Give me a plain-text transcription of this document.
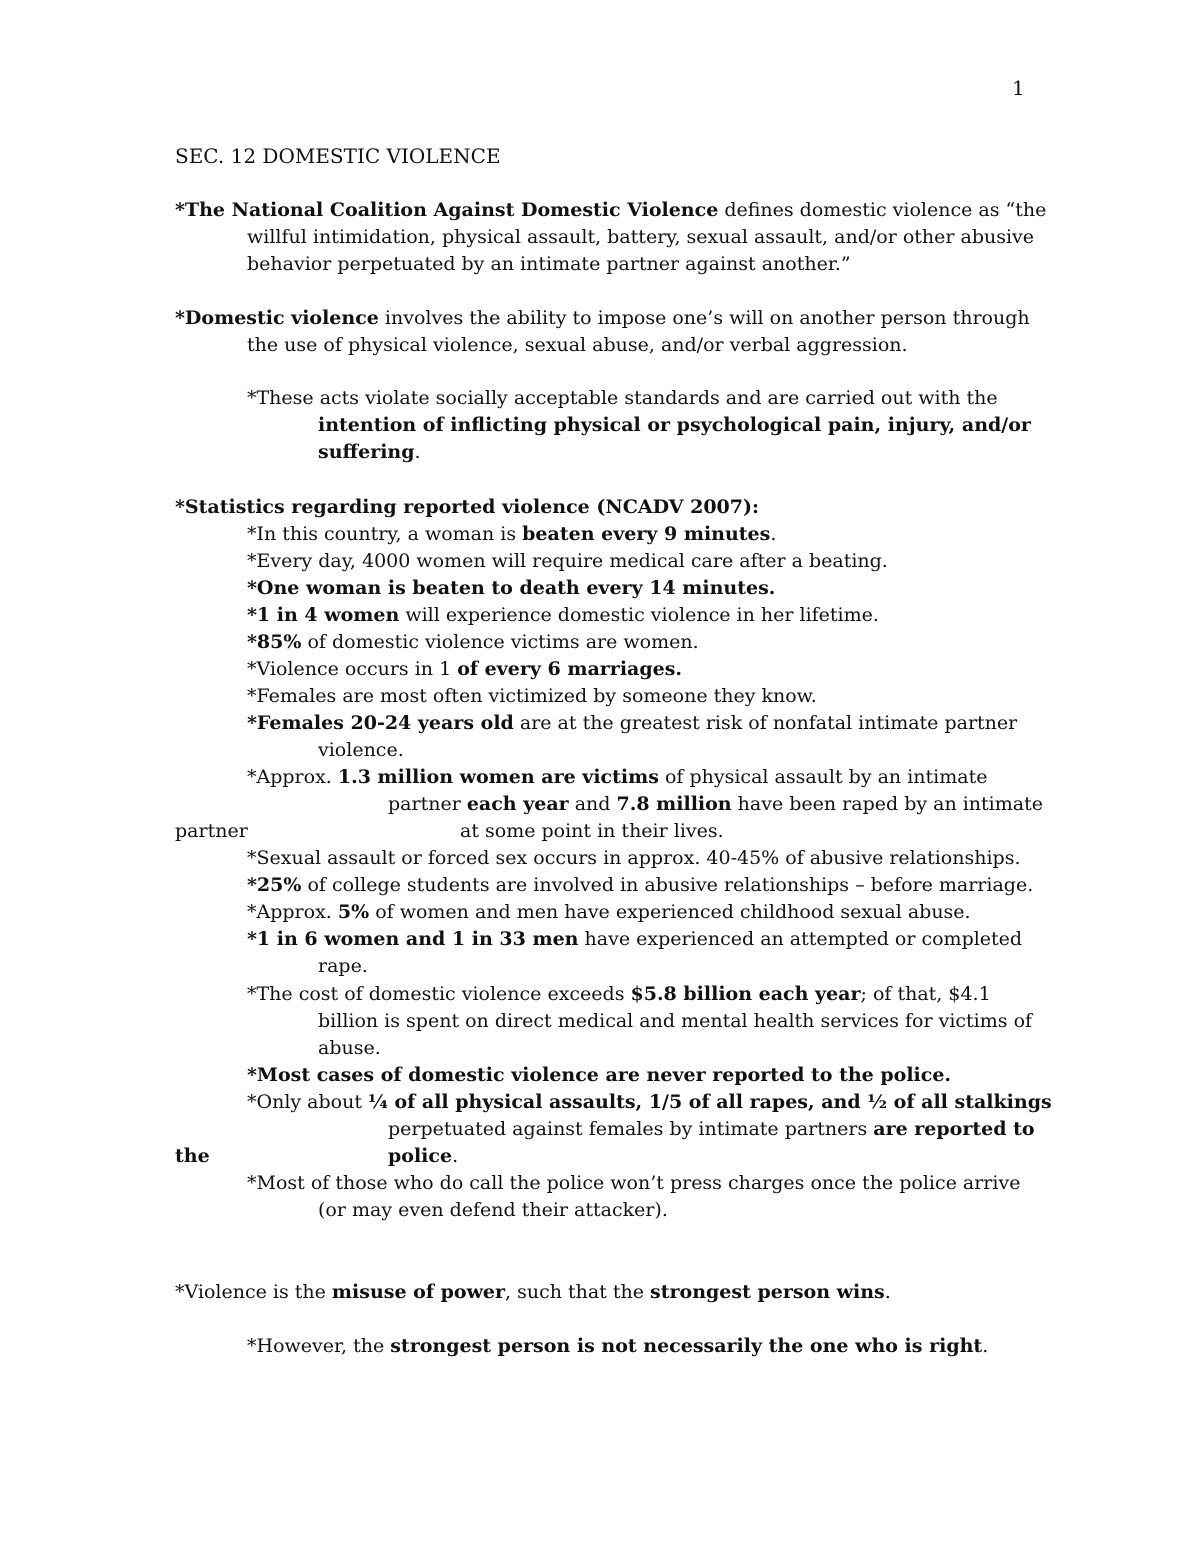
1
SEC. 12 DOMESTIC VIOLENCE
*The National Coalition Against Domestic Violence defines domestic violence as “the
willful intimidation, physical assault, battery, sexual assault, and/or other abusive
behavior perpetuated by an intimate partner against another.”
*Domestic violence involves the ability to impose one’s will on another person through
the use of physical violence, sexual abuse, and/or verbal aggression.
*These acts violate socially acceptable standards and are carried out with the
intention of inflicting physical or psychological pain, injury, and/or
suffering.
*Statistics regarding reported violence (NCADV 2007):
*In this country, a woman is beaten every 9 minutes.
*Every day, 4000 women will require medical care after a beating.
*One woman is beaten to death every 14 minutes.
*1 in 4 women will experience domestic violence in her lifetime.
*85% of domestic violence victims are women.
*Violence occurs in 1 of every 6 marriages.
*Females are most often victimized by someone they know.
*Females 20-24 years old are at the greatest risk of nonfatal intimate partner
violence.
*Approx. 1.3 million women are victims of physical assault by an intimate
partner each year and 7.8 million have been raped by an intimate
partner	at some point in their lives.
*Sexual assault or forced sex occurs in approx. 40-45% of abusive relationships.
*25% of college students are involved in abusive relationships – before marriage.
*Approx. 5% of women and men have experienced childhood sexual abuse.
*1 in 6 women and 1 in 33 men have experienced an attempted or completed
rape.
*The cost of domestic violence exceeds $5.8 billion each year; of that, $4.1
billion is spent on direct medical and mental health services for victims of
abuse.
*Most cases of domestic violence are never reported to the police.
*Only about ¼ of all physical assaults, 1/5 of all rapes, and ½ of all stalkings
perpetuated against females by intimate partners are reported to
the	police.
*Most of those who do call the police won’t press charges once the police arrive
(or may even defend their attacker).
*Violence is the misuse of power, such that the strongest person wins.
*However, the strongest person is not necessarily the one who is right.
